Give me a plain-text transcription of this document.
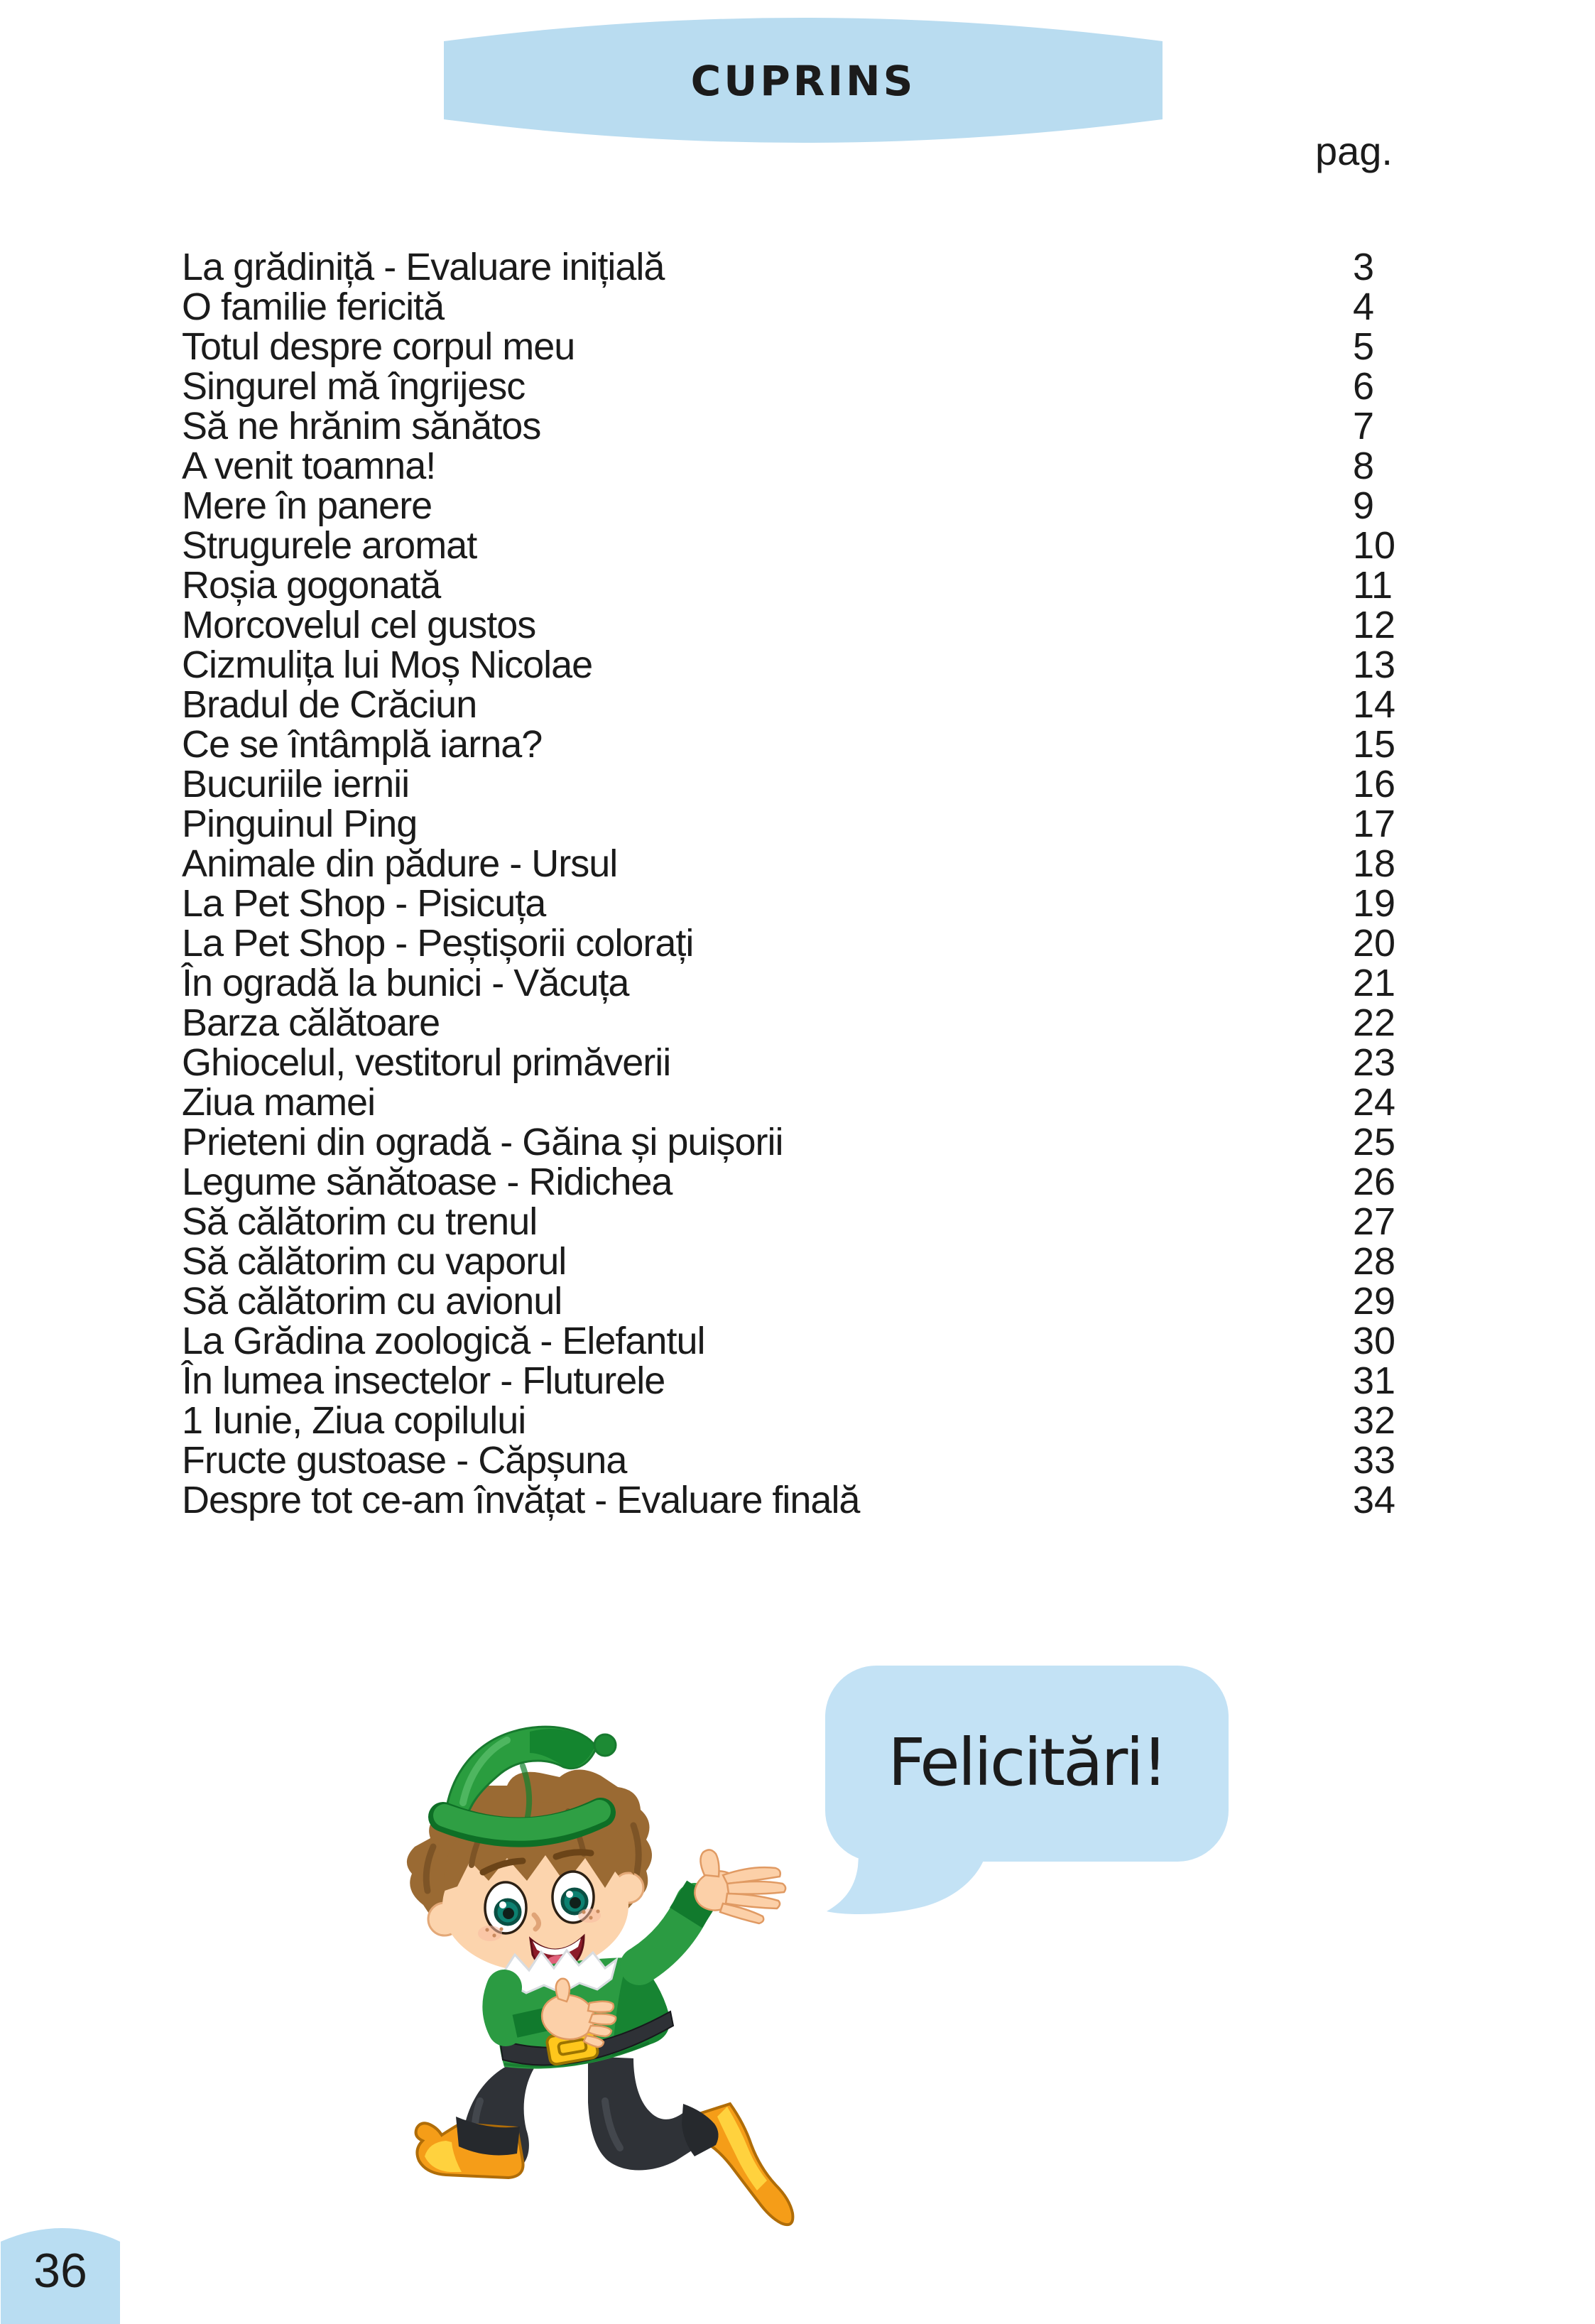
CUPRINS
pag.
La grădiniță - Evaluare inițială	3
O familie fericită	4
Totul despre corpul meu	5
Singurel mă îngrijesc	6
Să ne hrănim sănătos	7
A venit toamna!	8
Mere în panere	9
Strugurele aromat	10
Roșia gogonată	11
Morcovelul cel gustos	12
Cizmulița lui Moș Nicolae	13
Bradul de Crăciun	14
Ce se întâmplă iarna?	15
Bucuriile iernii	16
Pinguinul Ping	17
Animale din pădure - Ursul	18
La Pet Shop - Pisicuța	19
La Pet Shop - Peștișorii colorați	20
În ogradă la bunici - Văcuța	21
Barza călătoare	22
Ghiocelul, vestitorul primăverii	23
Ziua mamei	24
Prieteni din ogradă - Găina și puișorii	25
Legume sănătoase - Ridichea	26
Să călătorim cu trenul	27
Să călătorim cu vaporul	28
Să călătorim cu avionul	29
La Grădina zoologică - Elefantul	30
În lumea insectelor - Fluturele	31
1 Iunie, Ziua copilului	32
Fructe gustoase - Căpșuna	33
Despre tot ce-am învățat - Evaluare finală	34
Felicitări!
36
